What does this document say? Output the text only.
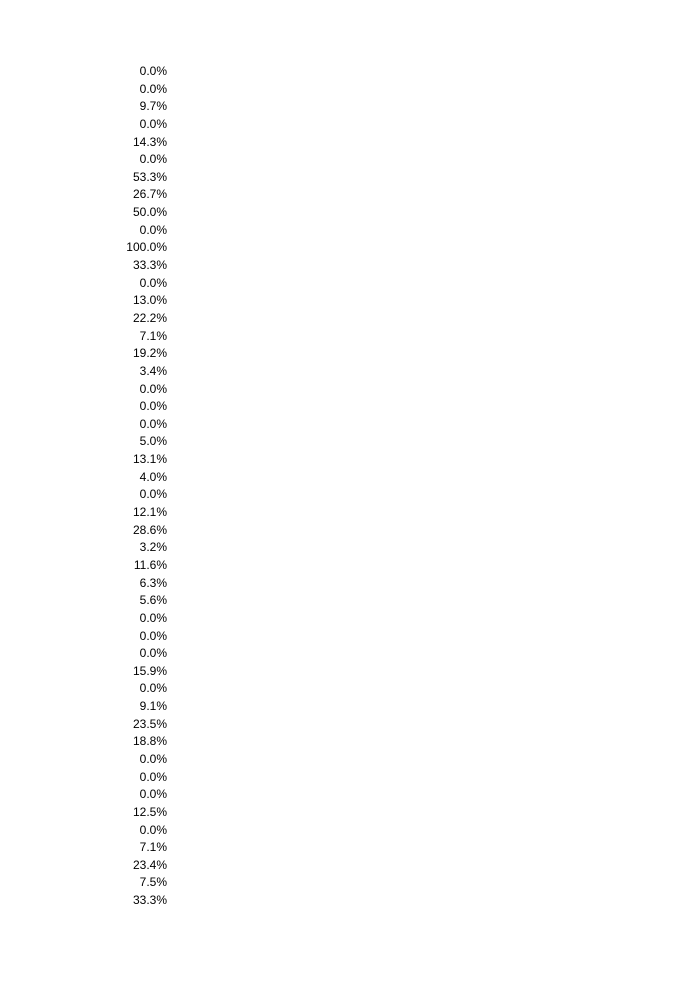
0.0%
0.0%
9.7%
0.0%
14.3%
0.0%
53.3%
26.7%
50.0%
0.0%
100.0%
33.3%
0.0%
13.0%
22.2%
7.1%
19.2%
3.4%
0.0%
0.0%
0.0%
5.0%
13.1%
4.0%
0.0%
12.1%
28.6%
3.2%
11.6%
6.3%
5.6%
0.0%
0.0%
0.0%
15.9%
0.0%
9.1%
23.5%
18.8%
0.0%
0.0%
0.0%
12.5%
0.0%
7.1%
23.4%
7.5%
33.3%
